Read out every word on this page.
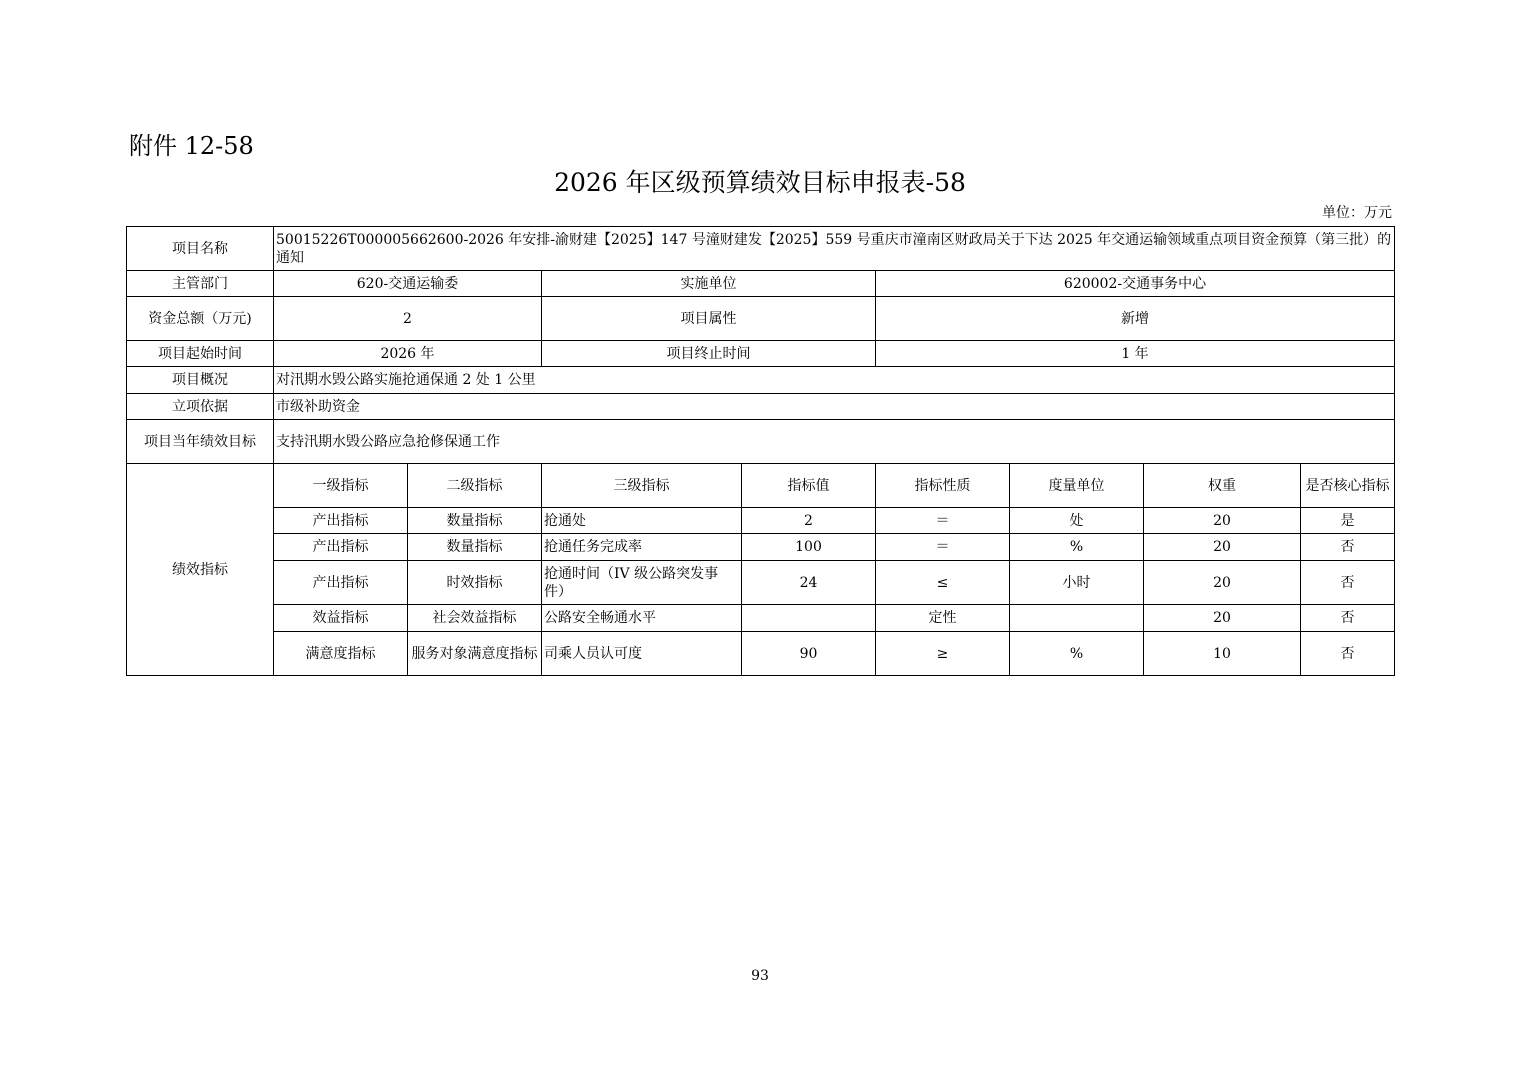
附件 12-58
2026 年区级预算绩效目标申报表-58
单位：万元
项目名称	50015226T000005662600-2026 年安排-渝财建【2025】147 号潼财建发【2025】559 号重庆市潼南区财政局关于下达 2025 年交通运输领域重点项目资金预算（第三批）的通知							
主管部门	620-交通运输委		实施单位		620002-交通事务中心			
资金总额（万元)	2		项目属性		新增			
项目起始时间	2026 年		项目终止时间		1 年			
项目概况	对汛期水毁公路实施抢通保通 2 处 1 公里							
立项依据	市级补助资金							
项目当年绩效目标	支持汛期水毁公路应急抢修保通工作							
绩效指标	一级指标	二级指标	三级指标	指标值	指标性质	度量单位	权重	是否核心指标
	产出指标	数量指标	抢通处	2	＝	处	20	是
	产出指标	数量指标	抢通任务完成率	100	＝	%	20	否
	产出指标	时效指标	抢通时间（IV 级公路突发事件）	24	≤	小时	20	否
	效益指标	社会效益指标	公路安全畅通水平		定性		20	否
	满意度指标	服务对象满意度指标	司乘人员认可度	90	≥	%	10	否
93
